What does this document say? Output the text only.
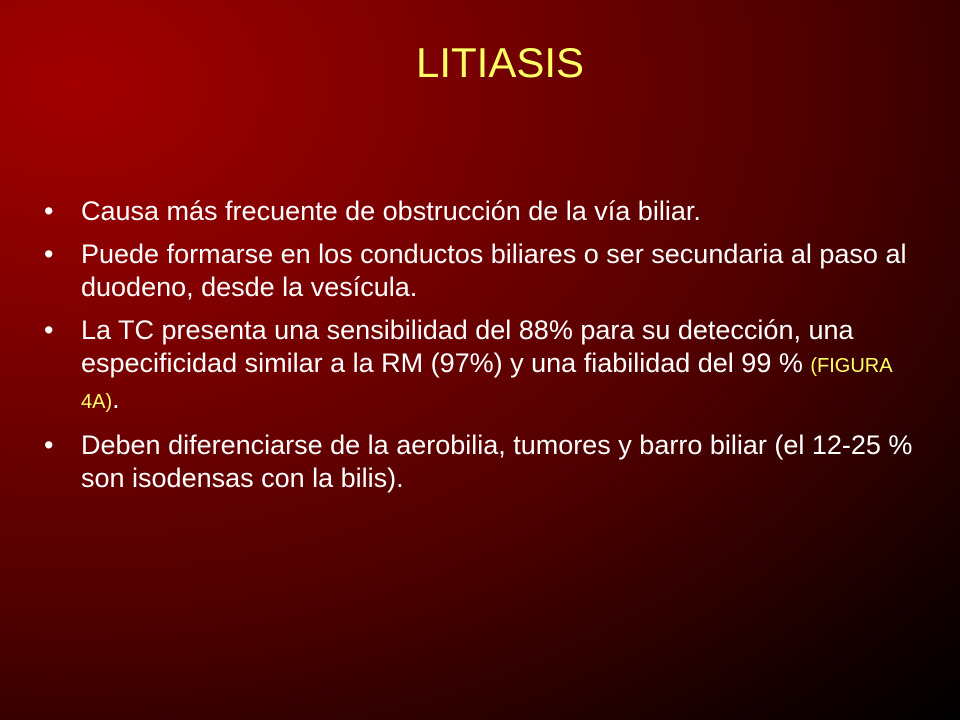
LITIASIS
•	Causa más frecuente de obstrucción de la vía biliar.
•	Puede formarse en los conductos biliares o ser secundaria al paso al duodeno, desde la vesícula.
•	La TC presenta una sensibilidad del 88% para su detección, una especificidad similar a la RM (97%) y una fiabilidad del 99 % (FIGURA 4A).
•	Deben diferenciarse de la aerobilia, tumores y barro biliar (el 12-25 % son isodensas con la bilis).
